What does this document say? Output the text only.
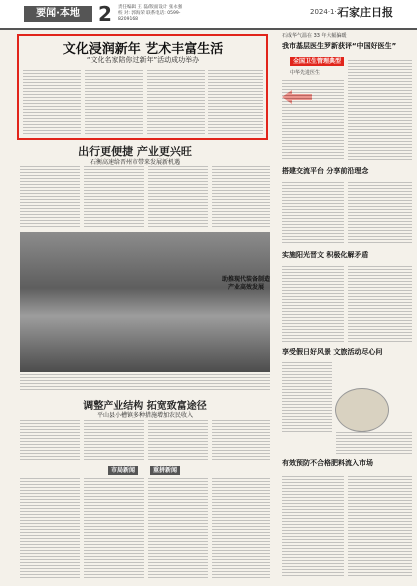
要闻·本地 2 责任编辑 王 磊/版面设计 张永强
校 对: 郭海荣 联系电话: 0599-8209168
2024·1·2
石家庄日报
文化浸润新年 艺术丰富生活
“文化名家陪你过新年”活动成功举办
出行更便捷 产业更兴旺
石衡高速给晋州市带来发展新机遇
助推现代装备制造产业高效发展
调整产业结构 拓宽致富途径
平山县小槽镇多种措施增加农民收入
市局新闻	重拼新闻
石成华气温在 33 年大幅偏暖
我市基层医生罗新获评“中国好医生”
全国卫生管理典型
中华先进医生
搭建交流平台 分享前沿理念
实施阳光晋文 积极化解矛盾
享受假日好风景 文旅活动尽心问
有效预防不合格肥料流入市场
